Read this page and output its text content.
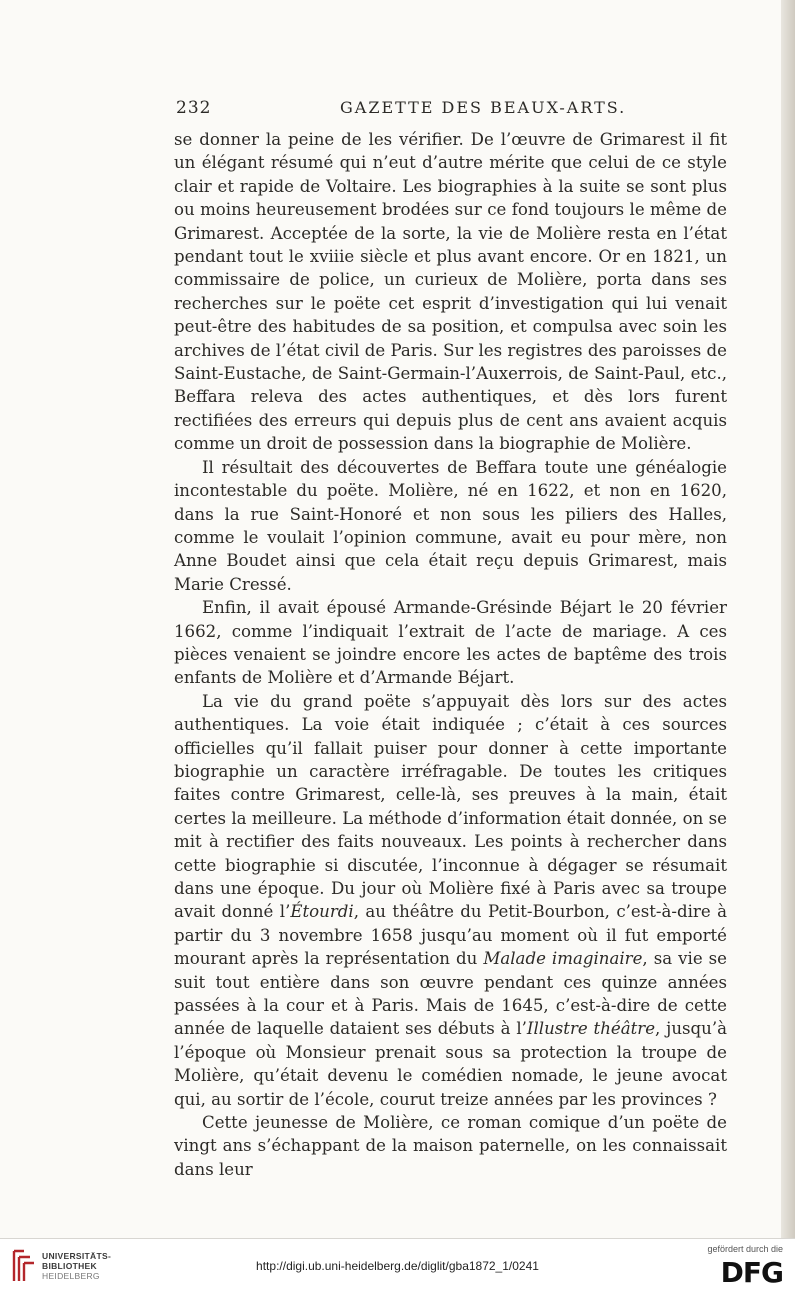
232	GAZETTE DES BEAUX-ARTS.

se donner la peine de les vérifier. De l’œuvre de Grimarest il fit un élégant résumé qui n’eut d’autre mérite que celui de ce style clair et rapide de Voltaire. Les biographies à la suite se sont plus ou moins heureusement brodées sur ce fond toujours le même de Grimarest. Acceptée de la sorte, la vie de Molière resta en l’état pendant tout le xviiie siècle et plus avant encore. Or en 1821, un commissaire de police, un curieux de Molière, porta dans ses recherches sur le poëte cet esprit d’investigation qui lui venait peut-être des habitudes de sa position, et compulsa avec soin les archives de l’état civil de Paris. Sur les registres des paroisses de Saint-Eustache, de Saint-Germain-l’Auxerrois, de Saint-Paul, etc., Beffara releva des actes authentiques, et dès lors furent rectifiées des erreurs qui depuis plus de cent ans avaient acquis comme un droit de possession dans la biographie de Molière.

Il résultait des découvertes de Beffara toute une généalogie incontestable du poëte. Molière, né en 1622, et non en 1620, dans la rue Saint-Honoré et non sous les piliers des Halles, comme le voulait l’opinion commune, avait eu pour mère, non Anne Boudet ainsi que cela était reçu depuis Grimarest, mais Marie Cressé.

Enfin, il avait épousé Armande-Grésinde Béjart le 20 février 1662, comme l’indiquait l’extrait de l’acte de mariage. A ces pièces venaient se joindre encore les actes de baptême des trois enfants de Molière et d’Armande Béjart.

La vie du grand poëte s’appuyait dès lors sur des actes authentiques. La voie était indiquée ; c’était à ces sources officielles qu’il fallait puiser pour donner à cette importante biographie un caractère irréfragable. De toutes les critiques faites contre Grimarest, celle-là, ses preuves à la main, était certes la meilleure. La méthode d’information était donnée, on se mit à rectifier des faits nouveaux. Les points à rechercher dans cette biographie si discutée, l’inconnue à dégager se résumait dans une époque. Du jour où Molière fixé à Paris avec sa troupe avait donné l’Étourdi, au théâtre du Petit-Bourbon, c’est-à-dire à partir du 3 novembre 1658 jusqu’au moment où il fut emporté mourant après la représentation du Malade imaginaire, sa vie se suit tout entière dans son œuvre pendant ces quinze années passées à la cour et à Paris. Mais de 1645, c’est-à-dire de cette année de laquelle dataient ses débuts à l’Illustre théâtre, jusqu’à l’époque où Monsieur prenait sous sa protection la troupe de Molière, qu’était devenu le comédien nomade, le jeune avocat qui, au sortir de l’école, courut treize années par les provinces ?

Cette jeunesse de Molière, ce roman comique d’un poëte de vingt ans s’échappant de la maison paternelle, on les connaissait dans leur

UNIVERSITÄTS-
BIBLIOTHEK
HEIDELBERG
http://digi.ub.uni-heidelberg.de/diglit/gba1872_1/0241
gefördert durch die
DFG
